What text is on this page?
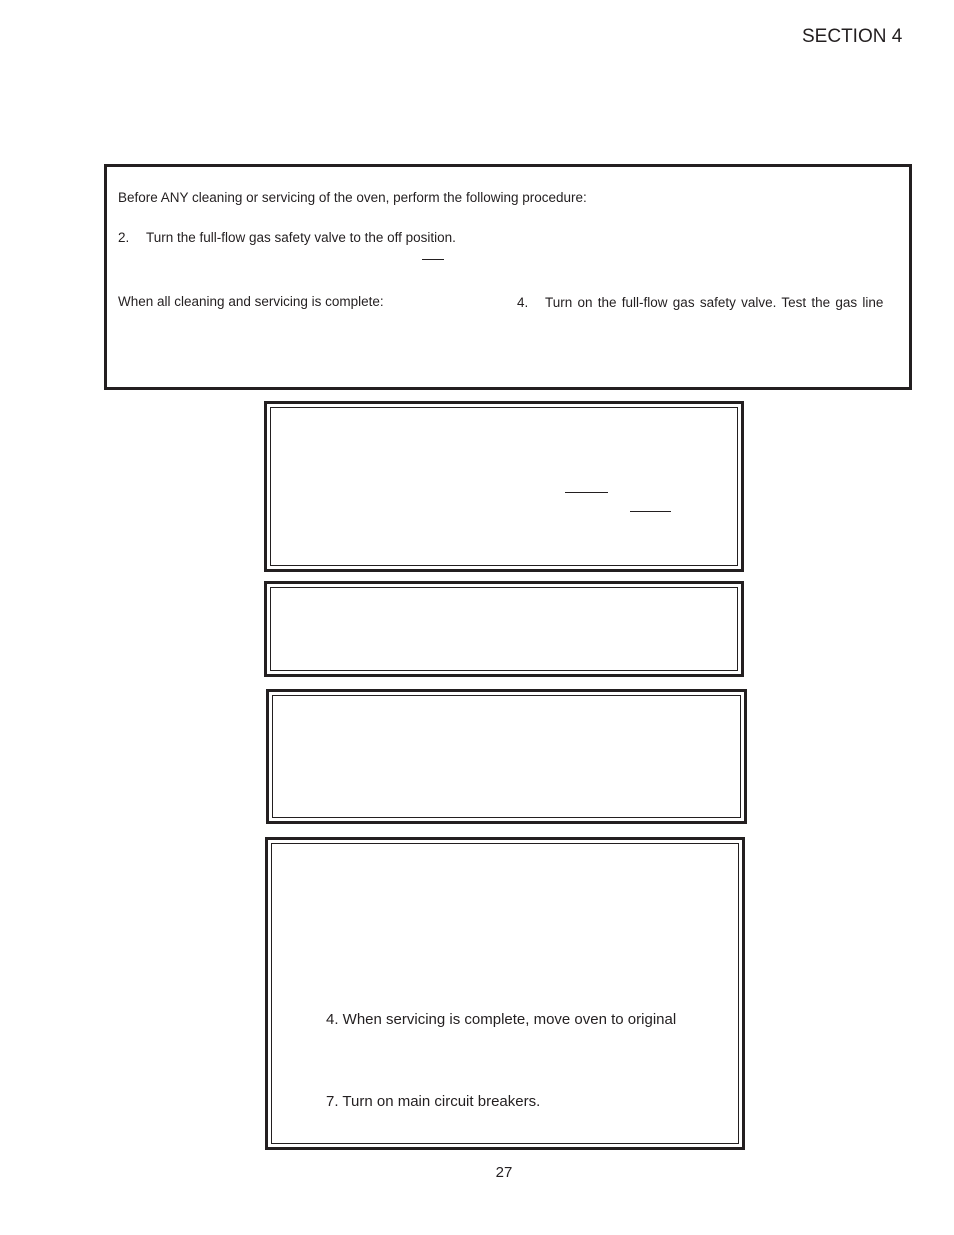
SECTION 4
Before ANY cleaning or servicing of the oven, perform the following procedure:
2. Turn the full-flow gas safety valve to the off position.
When all cleaning and servicing is complete:	4. Turn on the full-flow gas safety valve. Test the gas line
4. When servicing is complete, move oven to original
7. Turn on main circuit breakers.
27
